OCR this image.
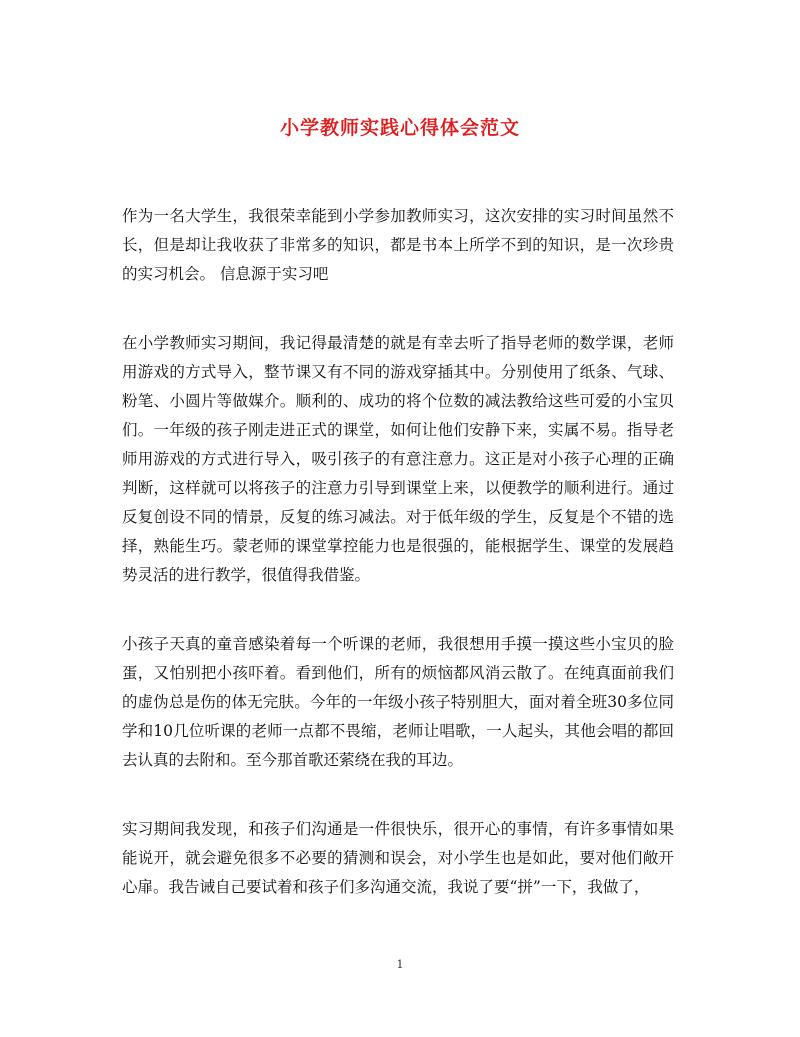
小学教师实践心得体会范文

作为一名大学生，我很荣幸能到小学参加教师实习，这次安排的实习时间虽然不长，但是却让我收获了非常多的知识，都是书本上所学不到的知识，是一次珍贵的实习机会。 信息源于实习吧

在小学教师实习期间，我记得最清楚的就是有幸去听了指导老师的数学课，老师用游戏的方式导入，整节课又有不同的游戏穿插其中。分别使用了纸条、气球、粉笔、小圆片等做媒介。顺利的、成功的将个位数的减法教给这些可爱的小宝贝们。一年级的孩子刚走进正式的课堂，如何让他们安静下来，实属不易。指导老师用游戏的方式进行导入，吸引孩子的有意注意力。这正是对小孩子心理的正确判断，这样就可以将孩子的注意力引导到课堂上来，以便教学的顺利进行。通过反复创设不同的情景，反复的练习减法。对于低年级的学生，反复是个不错的选择，熟能生巧。蒙老师的课堂掌控能力也是很强的，能根据学生、课堂的发展趋势灵活的进行教学，很值得我借鉴。

小孩子天真的童音感染着每一个听课的老师，我很想用手摸一摸这些小宝贝的脸蛋，又怕别把小孩吓着。看到他们，所有的烦恼都风消云散了。在纯真面前我们的虚伪总是伤的体无完肤。今年的一年级小孩子特别胆大，面对着全班30多位同学和10几位听课的老师一点都不畏缩，老师让唱歌，一人起头，其他会唱的都回去认真的去附和。至今那首歌还萦绕在我的耳边。

实习期间我发现，和孩子们沟通是一件很快乐，很开心的事情，有许多事情如果能说开，就会避免很多不必要的猜测和误会，对小学生也是如此，要对他们敞开心扉。我告诫自己要试着和孩子们多沟通交流，我说了要“拼”一下，我做了，

1
